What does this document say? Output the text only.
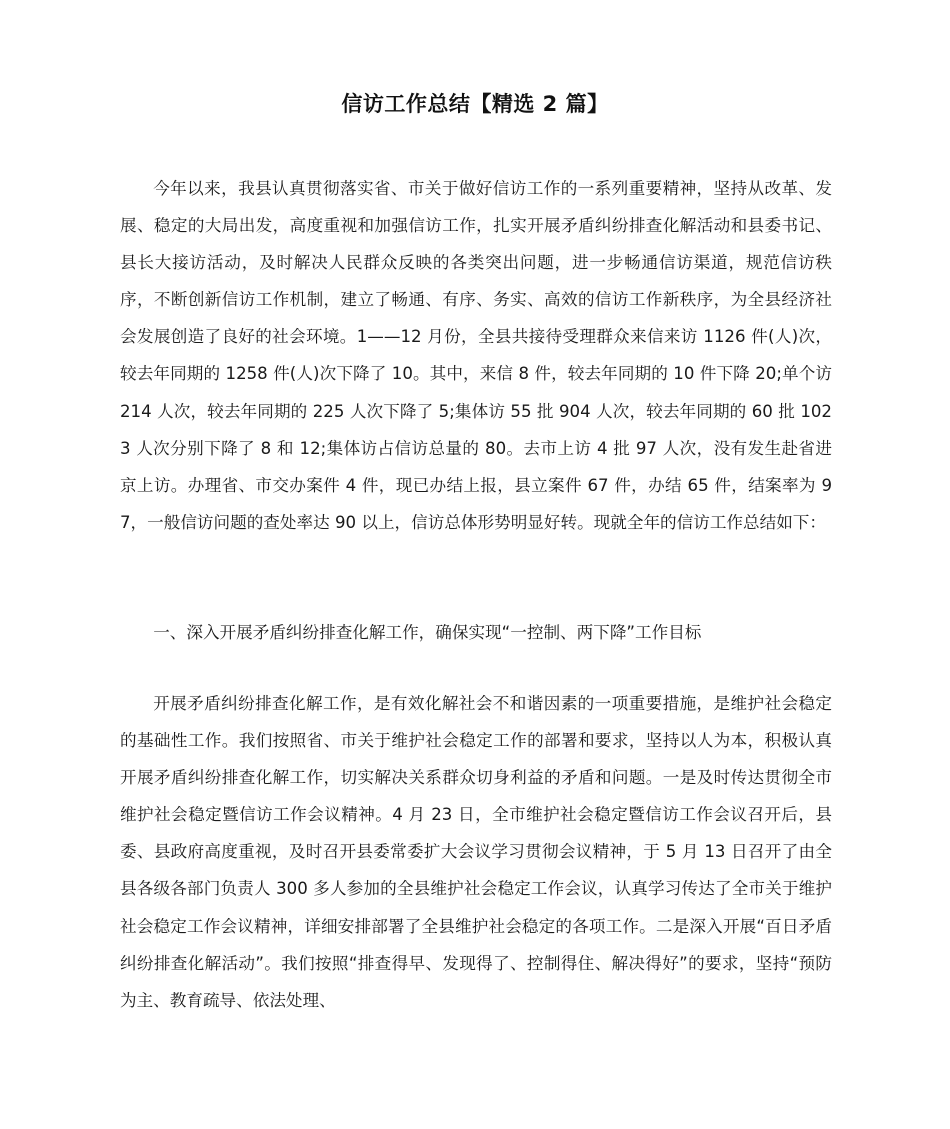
信访工作总结【精选 2 篇】

今年以来，我县认真贯彻落实省、市关于做好信访工作的一系列重要精神，坚持从改革、发展、稳定的大局出发，高度重视和加强信访工作，扎实开展矛盾纠纷排查化解活动和县委书记、县长大接访活动，及时解决人民群众反映的各类突出问题，进一步畅通信访渠道，规范信访秩序，不断创新信访工作机制，建立了畅通、有序、务实、高效的信访工作新秩序，为全县经济社会发展创造了良好的社会环境。1——12 月份，全县共接待受理群众来信来访 1126 件(人)次，较去年同期的 1258 件(人)次下降了 10。其中，来信 8 件，较去年同期的 10 件下降 20;单个访 214 人次，较去年同期的 225 人次下降了 5;集体访 55 批 904 人次，较去年同期的 60 批 1023 人次分别下降了 8 和 12;集体访占信访总量的 80。去市上访 4 批 97 人次，没有发生赴省进京上访。办理省、市交办案件 4 件，现已办结上报，县立案件 67 件，办结 65 件，结案率为 97，一般信访问题的查处率达 90 以上，信访总体形势明显好转。现就全年的信访工作总结如下：

一、深入开展矛盾纠纷排查化解工作，确保实现“一控制、两下降”工作目标

开展矛盾纠纷排查化解工作，是有效化解社会不和谐因素的一项重要措施，是维护社会稳定的基础性工作。我们按照省、市关于维护社会稳定工作的部署和要求，坚持以人为本，积极认真开展矛盾纠纷排查化解工作，切实解决关系群众切身利益的矛盾和问题。一是及时传达贯彻全市维护社会稳定暨信访工作会议精神。4 月 23 日，全市维护社会稳定暨信访工作会议召开后，县委、县政府高度重视，及时召开县委常委扩大会议学习贯彻会议精神，于 5 月 13 日召开了由全县各级各部门负责人 300 多人参加的全县维护社会稳定工作会议，认真学习传达了全市关于维护社会稳定工作会议精神，详细安排部署了全县维护社会稳定的各项工作。二是深入开展“百日矛盾纠纷排查化解活动”。我们按照“排查得早、发现得了、控制得住、解决得好”的要求，坚持“预防为主、教育疏导、依法处理、
